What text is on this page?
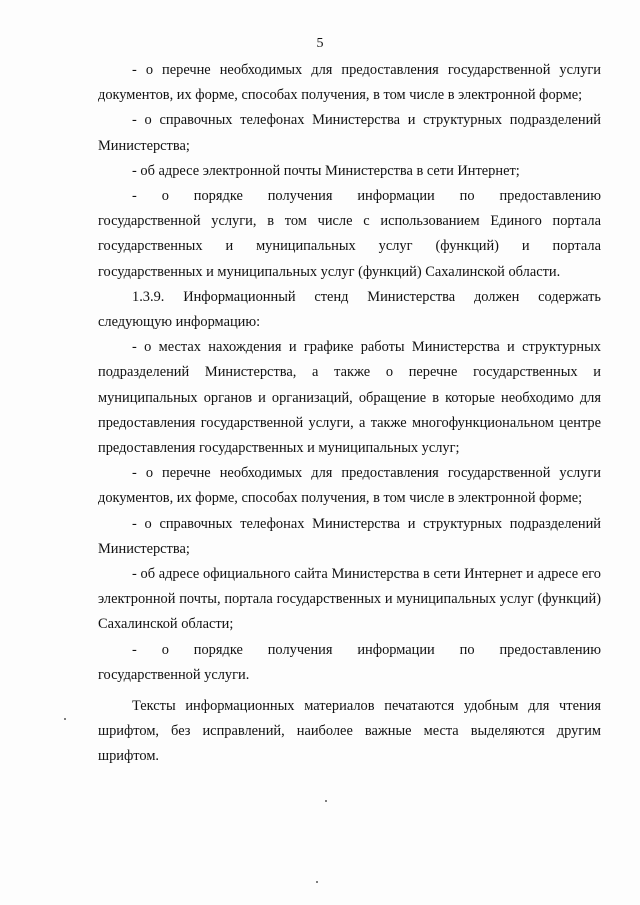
5

- о перечне необходимых для предоставления государственной услуги документов, их форме, способах получения, в том числе в электронной форме;

- о справочных телефонах Министерства и структурных подразделений Министерства;

- об адресе электронной почты Министерства в сети Интернет;

- о порядке получения информации по предоставлению
государственной услуги, в том числе с использованием Единого портала
государственных и муниципальных услуг (функций) и портала
государственных и муниципальных услуг (функций) Сахалинской области.

1.3.9. Информационный стенд Министерства должен содержать следующую информацию:

- о местах нахождения и графике работы Министерства и структурных подразделений Министерства, а также о перечне государственных и муниципальных органов и организаций, обращение в которые необходимо для предоставления государственной услуги, а также многофункциональном центре предоставления государственных и муниципальных услуг;

- о перечне необходимых для предоставления государственной услуги документов, их форме, способах получения, в том числе в электронной форме;

- о справочных телефонах Министерства и структурных подразделений Министерства;

- об адресе официального сайта Министерства в сети Интернет и адресе его электронной почты, портала государственных и муниципальных услуг (функций) Сахалинской области;

- о порядке получения информации по предоставлению
государственной услуги.

Тексты информационных материалов печатаются удобным для чтения шрифтом, без исправлений, наиболее важные места выделяются другим шрифтом.
